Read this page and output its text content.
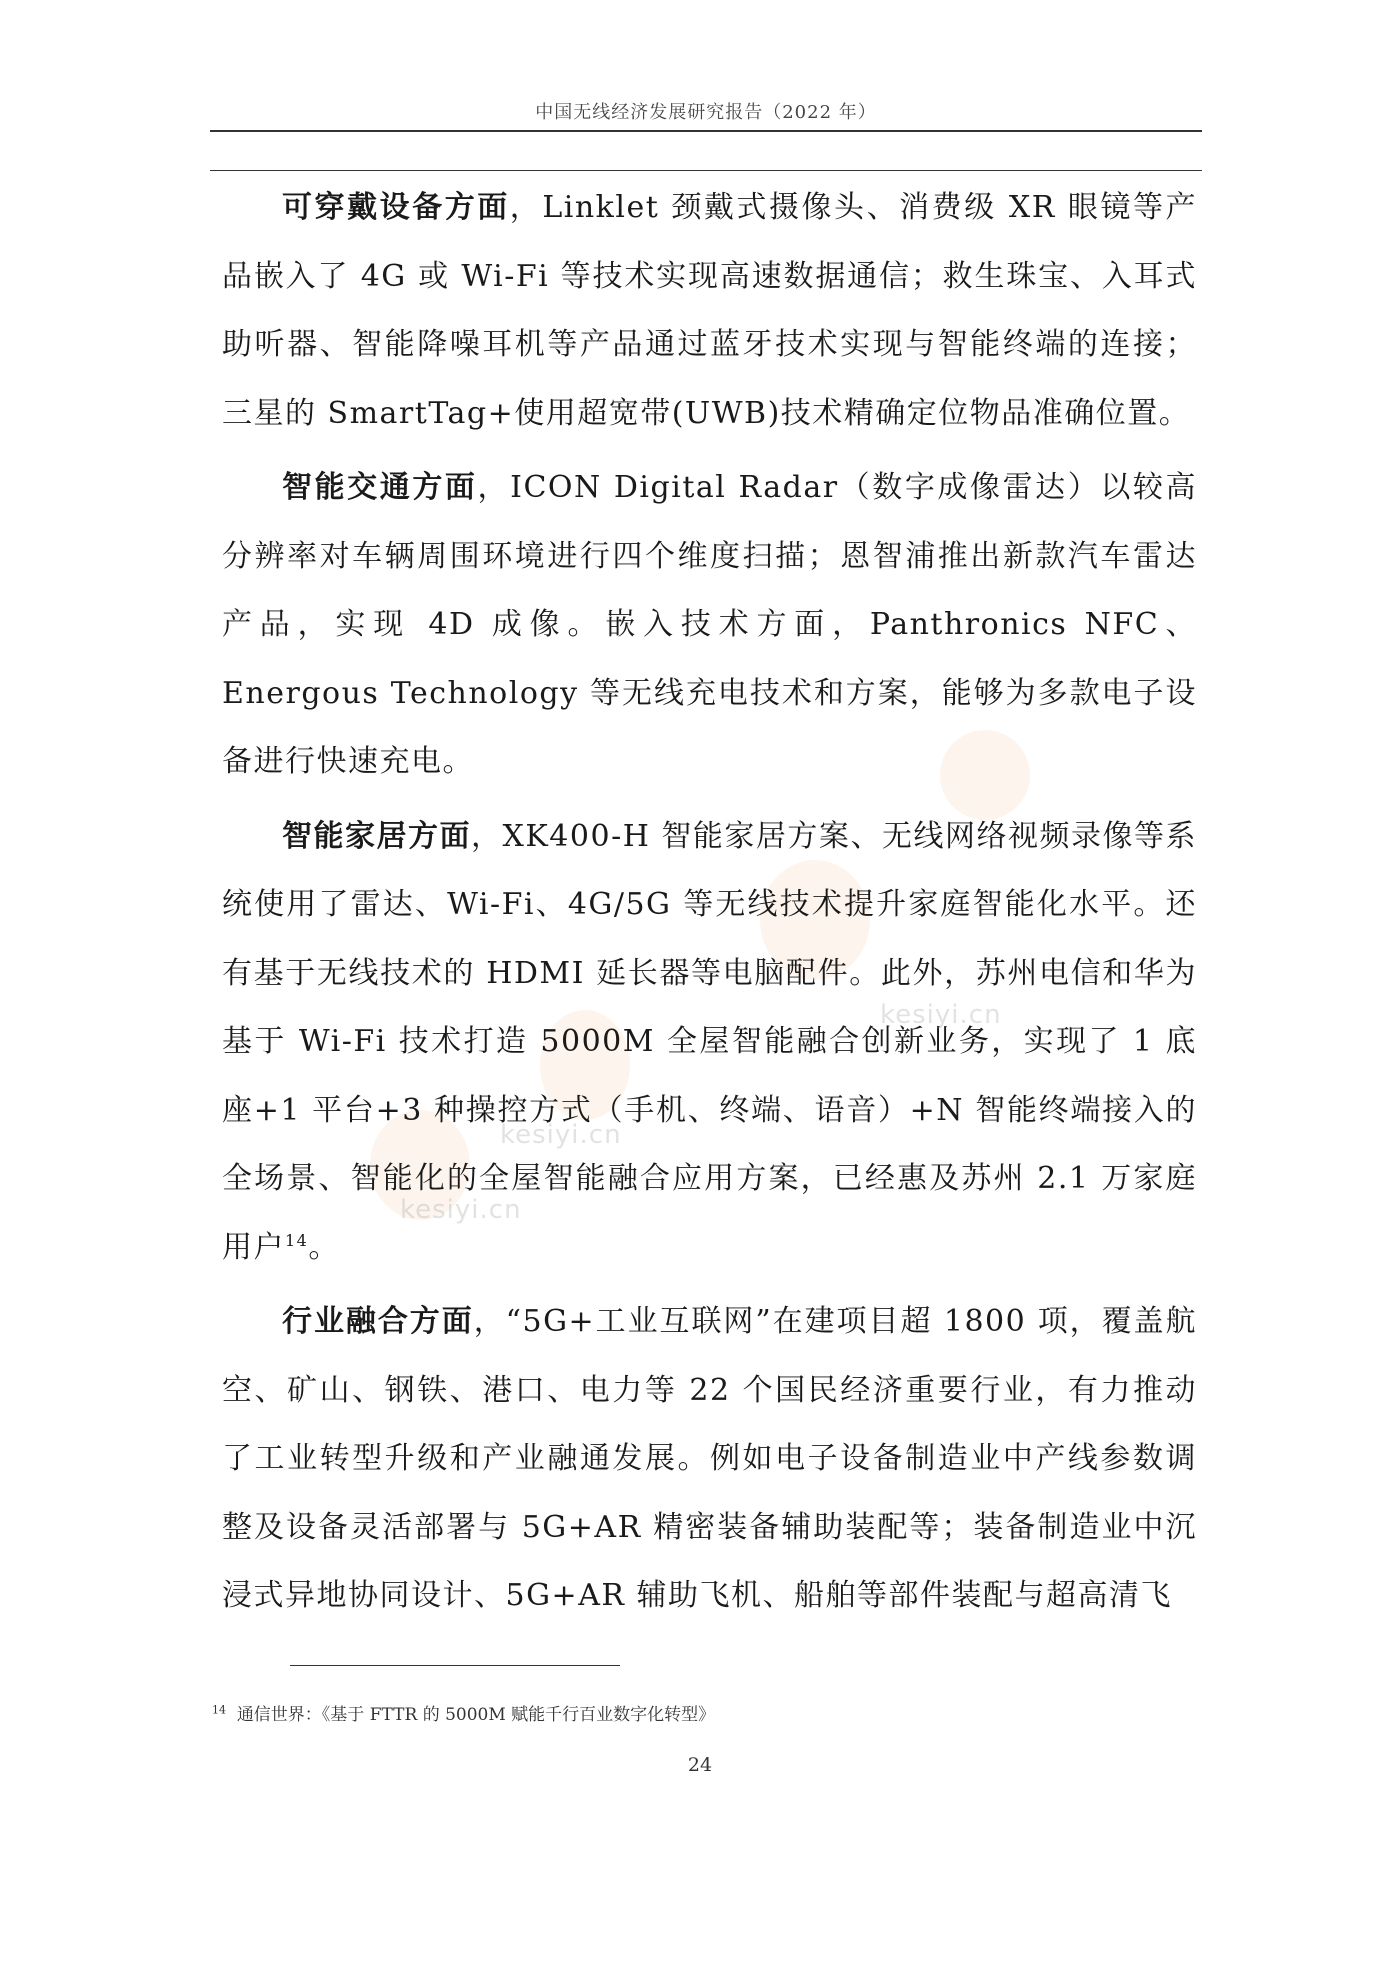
中国无线经济发展研究报告（2022 年）

可穿戴设备方面，Linklet 颈戴式摄像头、消费级 XR 眼镜等产品嵌入了 4G 或 Wi-Fi 等技术实现高速数据通信；救生珠宝、入耳式助听器、智能降噪耳机等产品通过蓝牙技术实现与智能终端的连接；三星的 SmartTag+使用超宽带(UWB)技术精确定位物品准确位置。

智能交通方面，ICON Digital Radar（数字成像雷达）以较高分辨率对车辆周围环境进行四个维度扫描；恩智浦推出新款汽车雷达产品，实现 4D 成像。嵌入技术方面，Panthronics NFC、Energous Technology 等无线充电技术和方案，能够为多款电子设备进行快速充电。

智能家居方面，XK400-H 智能家居方案、无线网络视频录像等系统使用了雷达、Wi-Fi、4G/5G 等无线技术提升家庭智能化水平。还有基于无线技术的 HDMI 延长器等电脑配件。此外，苏州电信和华为基于 Wi-Fi 技术打造 5000M 全屋智能融合创新业务，实现了 1 底座+1 平台+3 种操控方式（手机、终端、语音）+N 智能终端接入的全场景、智能化的全屋智能融合应用方案，已经惠及苏州 2.1 万家庭用户$^{14}$。

行业融合方面，“5G+工业互联网”在建项目超 1800 项，覆盖航空、矿山、钢铁、港口、电力等 22 个国民经济重要行业，有力推动了工业转型升级和产业融通发展。例如电子设备制造业中产线参数调整及设备灵活部署与 5G+AR 精密装备辅助装配等；装备制造业中沉浸式异地协同设计、5G+AR 辅助飞机、船舶等部件装配与超高清飞

kesiyi.cn
kesiyi.cn
kesiyi.cn
$^{14}$ 通信世界：《基于 FTTR 的 5000M 赋能千行百业数字化转型》
24
